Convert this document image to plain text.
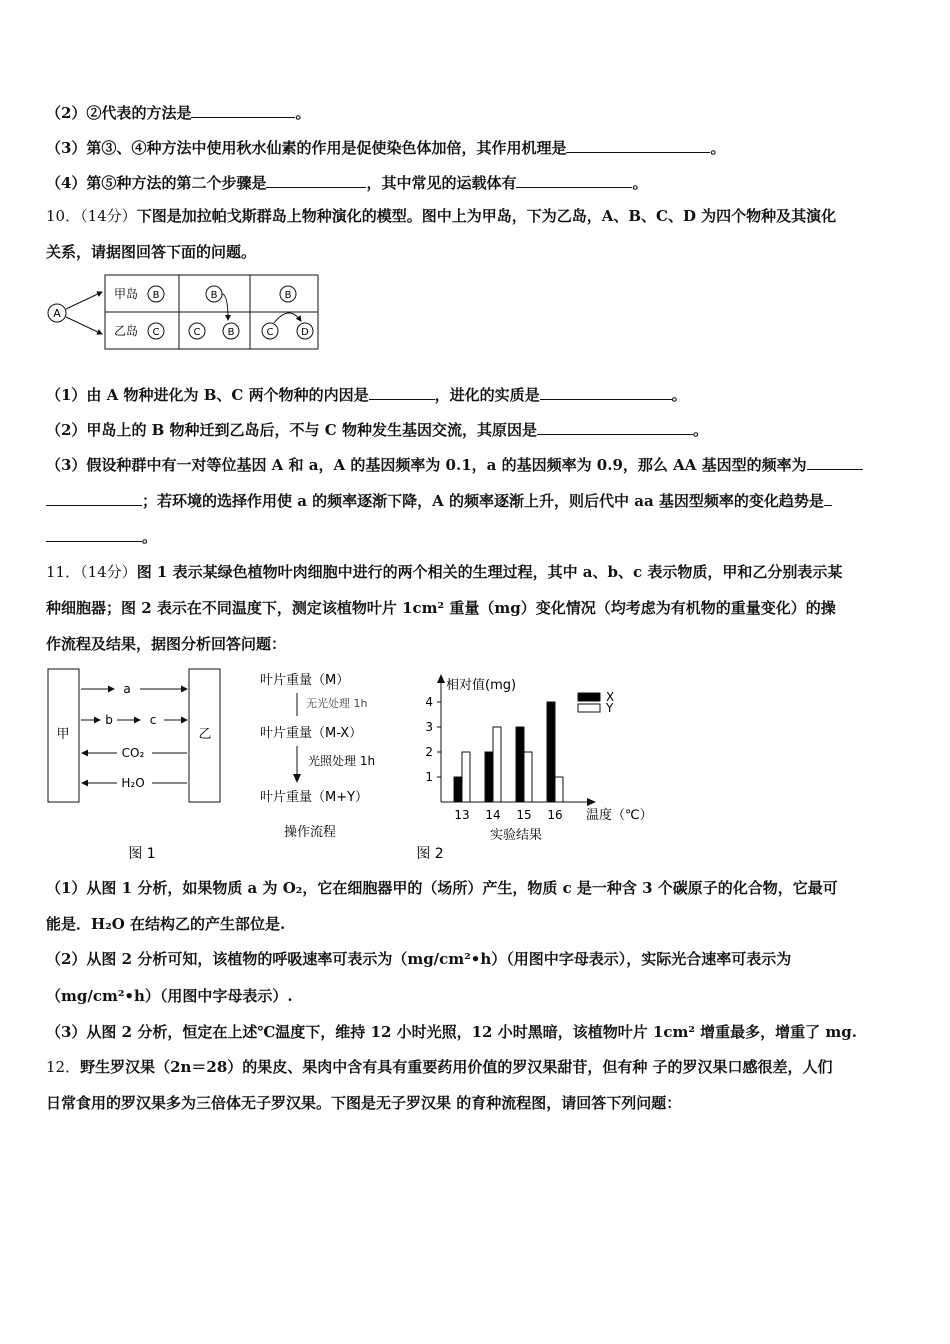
（2）②代表的方法是	。
（3）第③、④种方法中使用秋水仙素的作用是促使染色体加倍，其作用机理是	。
（4）第⑤种方法的第二个步骤是	，其中常见的运载体有	。
10．（14分）下图是加拉帕戈斯群岛上物种演化的模型。图中上为甲岛，下为乙岛，A、B、C、D 为四个物种及其演化
关系，请据图回答下面的问题。
A
甲岛
乙岛
B
C
B
C	B
B
C	D
（1）由 A 物种进化为 B、C 两个物种的内因是	，进化的实质是	。
（2）甲岛上的 B 物种迁到乙岛后，不与 C 物种发生基因交流，其原因是	。
（3）假设种群中有一对等位基因 A 和 a，A 的基因频率为 0.1，a 的基因频率为 0.9，那么 AA 基因型的频率为
；若环境的选择作用使 a 的频率逐渐下降，A 的频率逐渐上升，则后代中 aa 基因型频率的变化趋势是
。
11．（14分）图 1 表示某绿色植物叶肉细胞中进行的两个相关的生理过程，其中 a、b、c 表示物质，甲和乙分别表示某
种细胞器；图 2 表示在不同温度下，测定该植物叶片 1cm² 重量（mg）变化情况（均考虑为有机物的重量变化）的操
作流程及结果，据图分析回答问题：
甲	乙
a
b	c
CO₂
H₂O
图 1
叶片重量（M）
无光处理 1h
叶片重量（M-X）
光照处理 1h
叶片重量（M+Y）
操作流程
相对值(mg)
温度（℃）
实验结果
图 2
1
2
3
4
13 14 15 16
X
Y
（1）从图 1 分析，如果物质 a 为 O₂，它在细胞器甲的（场所）产生，物质 c 是一种含 3 个碳原子的化合物，它最可
能是．H₂O 在结构乙的产生部位是.
（2）从图 2 分析可知，该植物的呼吸速率可表示为（mg/cm²•h）（用图中字母表示），实际光合速率可表示为
（mg/cm²•h）（用图中字母表示）.
（3）从图 2 分析，恒定在上述℃温度下，维持 12 小时光照，12 小时黑暗，该植物叶片 1cm² 增重最多，增重了 mg.
12．野生罗汉果（2n＝28）的果皮、果肉中含有具有重要药用价值的罗汉果甜苷，但有种 子的罗汉果口感很差，人们
日常食用的罗汉果多为三倍体无子罗汉果。下图是无子罗汉果 的育种流程图，请回答下列问题：
